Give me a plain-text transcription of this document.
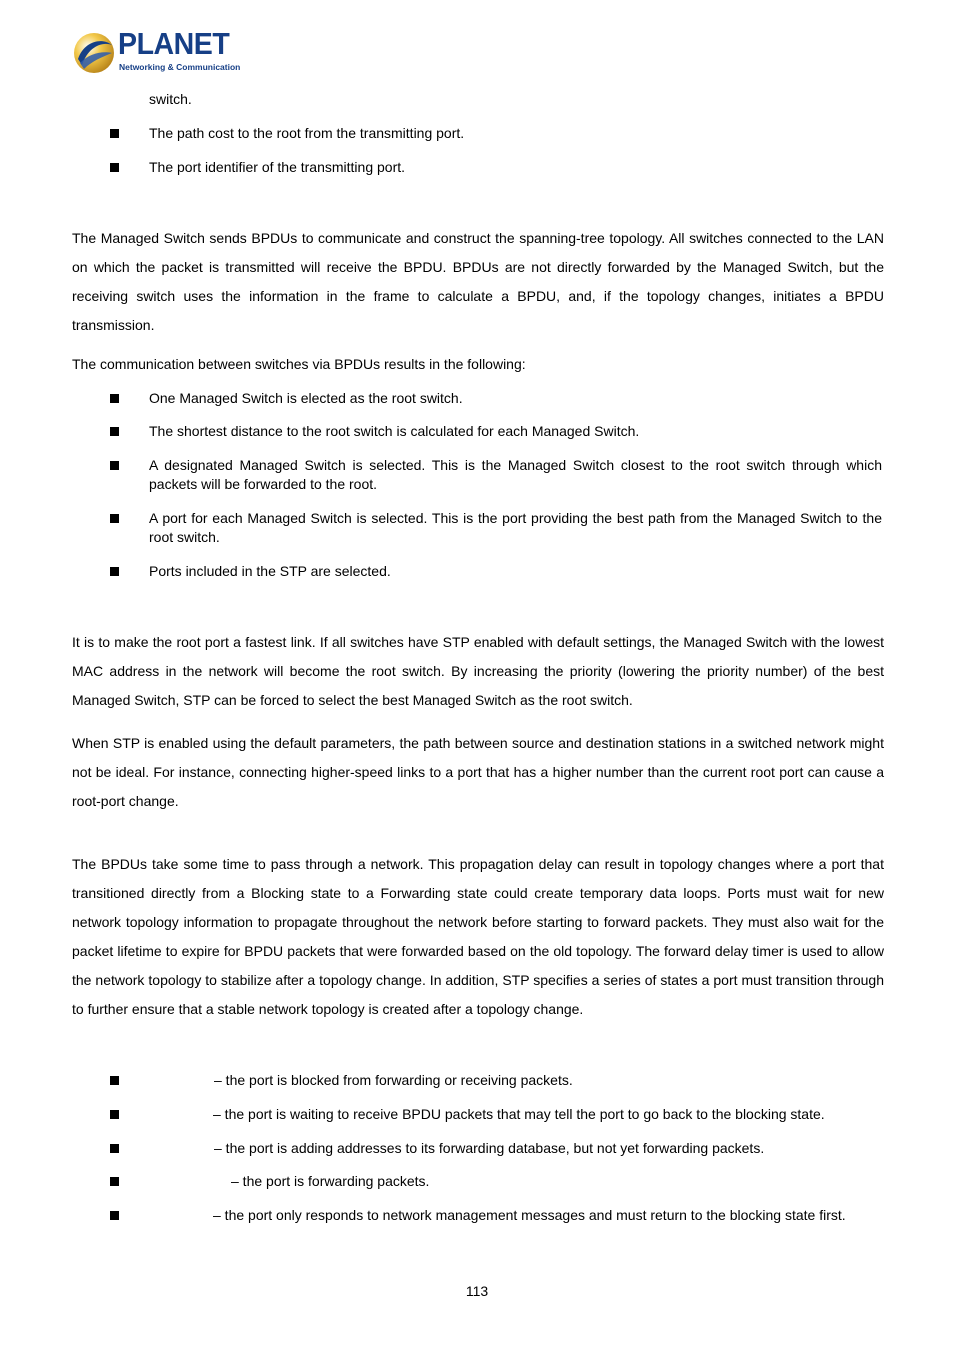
PLANET
Networking & Communication
switch.
The path cost to the root from the transmitting port.
The port identifier of the transmitting port.
The Managed Switch sends BPDUs to communicate and construct the spanning-tree topology. All switches connected to the LAN on which the packet is transmitted will receive the BPDU. BPDUs are not directly forwarded by the Managed Switch, but the receiving switch uses the information in the frame to calculate a BPDU, and, if the topology changes, initiates a BPDU transmission.
The communication between switches via BPDUs results in the following:
One Managed Switch is elected as the root switch.
The shortest distance to the root switch is calculated for each Managed Switch.
A designated Managed Switch is selected. This is the Managed Switch closest to the root switch through which packets will be forwarded to the root.
A port for each Managed Switch is selected. This is the port providing the best path from the Managed Switch to the root switch.
Ports included in the STP are selected.
It is to make the root port a fastest link. If all switches have STP enabled with default settings, the Managed Switch with the lowest MAC address in the network will become the root switch. By increasing the priority (lowering the priority number) of the best Managed Switch, STP can be forced to select the best Managed Switch as the root switch.
When STP is enabled using the default parameters, the path between source and destination stations in a switched network might not be ideal. For instance, connecting higher-speed links to a port that has a higher number than the current root port can cause a root-port change.
The BPDUs take some time to pass through a network. This propagation delay can result in topology changes where a port that transitioned directly from a Blocking state to a Forwarding state could create temporary data loops. Ports must wait for new network topology information to propagate throughout the network before starting to forward packets. They must also wait for the packet lifetime to expire for BPDU packets that were forwarded based on the old topology. The forward delay timer is used to allow the network topology to stabilize after a topology change. In addition, STP specifies a series of states a port must transition through to further ensure that a stable network topology is created after a topology change.
– the port is blocked from forwarding or receiving packets.
– the port is waiting to receive BPDU packets that may tell the port to go back to the blocking state.
– the port is adding addresses to its forwarding database, but not yet forwarding packets.
– the port is forwarding packets.
– the port only responds to network management messages and must return to the blocking state first.
113
